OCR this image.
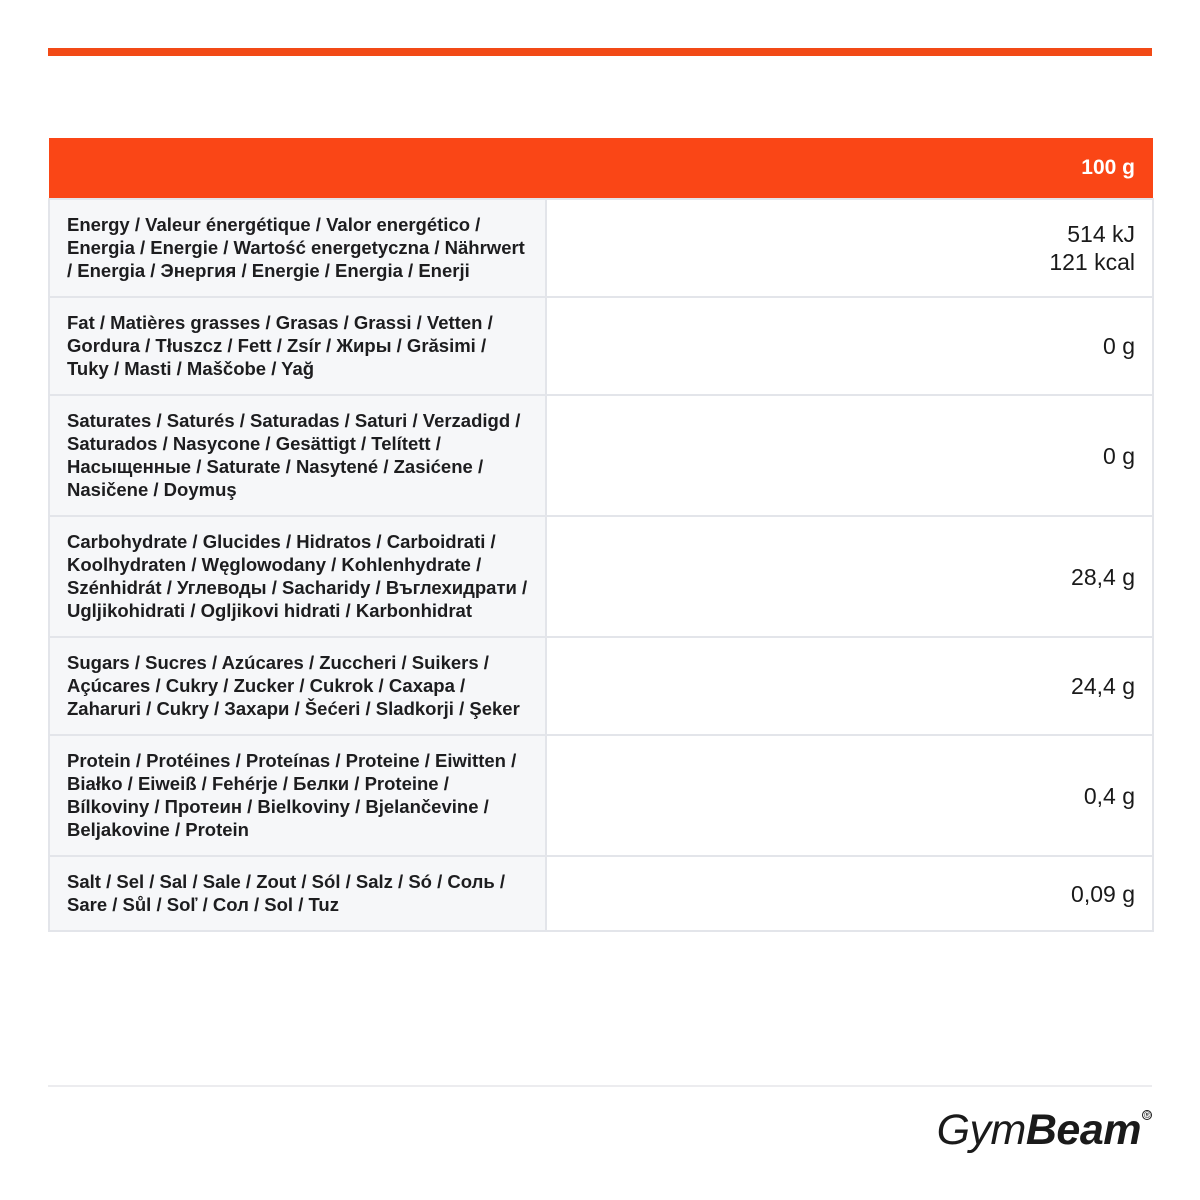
	100 g
Energy / Valeur énergétique / Valor energético / Energia / Energie / Wartość energetyczna / Nährwert / Energia / Энергия / Energie / Energia / Enerji	514 kJ
121 kcal

Fat / Matières grasses / Grasas / Grassi / Vetten / Gordura / Tłuszcz / Fett / Zsír / Жиры / Grăsimi / Tuky / Masti / Maščobe / Yağ	0 g

Saturates / Saturés / Saturadas / Saturi / Verzadigd / Saturados / Nasycone / Gesättigt / Telített / Насыщенные / Saturate / Nasytené / Zasićene / Nasičene / Doymuş	0 g

Carbohydrate / Glucides / Hidratos / Carboidrati / Koolhydraten / Węglowodany / Kohlenhydrate / Szénhidrát / Углеводы / Sacharidy / Въглехидрати / Ugljikohidrati / Ogljikovi hidrati / Karbonhidrat	28,4 g

Sugars / Sucres / Azúcares / Zuccheri / Suikers / Açúcares / Cukry / Zucker / Cukrok / Сахара / Zaharuri / Cukry / Захари / Šećeri / Sladkorji / Şeker	24,4 g

Protein / Protéines / Proteínas / Proteine / Eiwitten / Białko / Eiweiß / Fehérje / Белки / Proteine / Bílkoviny / Протеин / Bielkoviny / Bjelančevine / Beljakovine / Protein	0,4 g

Salt / Sel / Sal / Sale / Zout / Sól / Salz / Só / Соль / Sare / Sůl / Soľ / Сол / Sol / Tuz	0,09 g
Gym Beam ®
